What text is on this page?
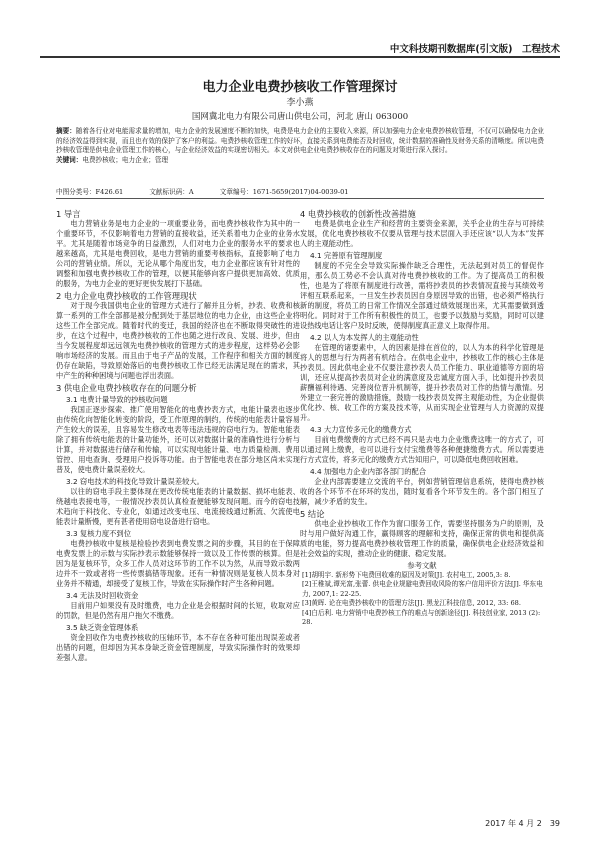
中文科技期刊数据库(引文版)　工程技术
电力企业电费抄核收工作管理探讨
李小燕
国网冀北电力有限公司唐山供电公司，河北 唐山 063000
摘要：随着各行业对电能需求量的增加，电力企业的发展速度不断的加快，电费是电力企业的主要收入来源，所以加强电力企业电费抄核收管理，不仅可以确保电力企业的经济效益得到实现，而且也有效的保护了客户的利益。电费抄核收管理工作的好坏，直接关系到电费能否及时回收，统计数据的准确性及财务关系的清晰度。所以电费抄核收管理是供电企业管理工作的核心，与企业经济效益的实现密切相关。本文对供电企业电费抄核收存在的问题及对策进行深入探讨。
关键词：电费抄核收；电力企业；管理
中图分类号：F426.61	文献标识码：A	文章编号：1671-5659(2017)04-0039-01
1 导言

电力营销业务是电力企业的一项重要业务，而电费抄核收作为其中的一个重要环节，不仅影响着电力营销的直接收益，还关系着电力企业的业务水平。尤其是随着市场竞争的日益激烈，人们对电力企业的服务水平的要求也越来越高，尤其是电费回收，是电力营销的重要考核指标，直接影响了电力公司的营销业绩。所以，无论从哪个角度出发，电力企业都应该有针对性的调整和加强电费抄核收工作的管理，以便其能够向客户提供更加高效、优质的服务，为电力企业的更好更快发展打下基础。

2 电力企业电费抄核收的工作管理现状

对于现今我国供电企业的管理方式进行了解并且分析，抄表、收费和核算一系列的工作全部都是被分配到处于基层地位的电力企业，由这些企业将这些工作全部完成。随着时代的变迁，我国的经济也在不断取得突破性的进步，在这个过程中，电费抄核收的工作也随之进行改良、发展、进步，但由当今发展程度却远远领先电费抄核收的管理方式的进步程度，这样势必会影响市场经济的发展。而且由于电子产品的发展，工作程序和相关方面的制度仍存在缺陷，导致原始落后的电费抄核收工作已经无法满足现在的需求，其中产生的种种困境与问题也浮出表面。

3 供电企业电费抄核收存在的问题分析
3.1 电费计量导致的抄核收问题

我国正逐步探索、推广使用智能化的电费抄表方式，电能计量表也逐步由传统化向智能化转变的阶段，受工作原理的制约，传统的电能表计量容易产生较大的误差，且容易发生修改电表等违法违规的窃电行为。智能电能表除了拥有传统电能表的计量功能外，还可以对数据计量的准确性进行分析与计算，并对数据进行储存和传输，可以实现电能计量、电力质量检测、费用管控、用电查询、受理用户投诉等功能。由于智能电表在部分地区尚未实现普及，使电费计量误差较大。

3.2 窃电技术的科技化导致计量误差较大。

以往的窃电手段主要体现在更改传统电能表的计量数据、损坏电能表、绕越电表接电等，一般情况抄表员认真检查便能够发现问题。而今的窃电技术趋向于科技化、专业化，如通过改变电压、电流接线通过断流、欠流使电能表计量断慢，更有甚者使用窃电设备进行窃电。

3.3 复核力度不到位

电费抄核收中复核是检验抄表到电费发票之间的步骤，其目的在于保障电费发票上的示数与实际抄表示数能够保持一致以及工作传票的核算。但是因为是复核环节，众多工作人员对这环节的工作不以为然，从而导致示数两边并不一致或者将一些传票搞错等现象。还有一种情况则是复核人员本身对业务并不精通，却接受了复核工作，导致在实际操作时产生各种问题。

3.4 无法及时回收资金

目前用户如果没有及时缴费，电力企业是会根据时间的长短，收取对应的罚款，但是仍然有用户拖欠不缴费。

3.5 缺乏资金管理体系

资金回收作为电费抄核收的压轴环节，本不存在各种可能出现误差或者出错的问题，但却因为其本身缺乏资金管理制度，导致实际操作时的效果却差强人意。

4 电费抄核收的创新性改善措施

电费是供电企业生产和经营的主要资金来源，关乎企业的生存与可持续发展，优化电费抄核收不仅要从管理与技术层面入手还应该“以人为本”发挥人的主观能动性。

4.1 完善原有管理制度

制度的不完全会导致实际操作缺乏合理性，无法起到对员工的督促作用，那么员工势必不会认真对待电费抄核收的工作。为了提高员工的积极性，也是为了将原有制度进行改善，需将抄表员的抄表情况直接与其绩效考评相互联系起来，一旦发生抄表员因自身原因导致的出错，也必须严格执行新的制度，将员工的日常工作情况全部通过绩效展现出来，尤其需要做到透明化。同时对于工作所有积极性的员工，也要予以鼓励与奖励，同时可以建设热线电话让客户及时反映，使得制度真正意义上取得作用。

4.2 以人为本发挥人的主观能动性

在管理的诸要素中，人的因素是排在首位的，以人为本的科学化管理是将人的思想与行为两者有机结合。在供电企业中，抄核收工作的核心主体是抄表员。因此供电企业不仅要注意抄表人员工作能力、职业道德等方面的培训，还应从提高抄表员对企业的满意度及忠诚度方面入手，比如提升抄表员薪酬福利待遇、完善岗位晋升机制等，提升抄表员对工作的热情与激情。另外建立一套完善的激励措施，鼓励一线抄表员发挥主观能动性，为企业提供优化抄、核、收工作的方案及技术等，从而实现企业管理与人力资源的双提升。

4.3 大力宣传多元化的缴费方式

目前电费缴费的方式已经不再只是去电力企业缴费这唯一的方式了，可以通过网上缴费，也可以进行支付宝缴费等各种便捷缴费方式。所以需要进行方式宣传，将多元化的缴费方式告知用户，可以降低电费回收困难。

4.4 加强电力企业内部各部门的配合

企业内部需要建立交流的平台，例如营销管理信息系统，使得电费抄核收的各个环节不在环环的发出，随时复看各个环节发生的。各个部门相互了解，减少矛盾的发生。

5 结论

供电企业抄核收工作作为窗口服务工作，需要坚持服务为户的原则，及时与用户做好沟通工作，赢得顾客的理解和支持，确保正常的供电和提供高质的电能，努力提高电费抄核收管理工作的质量，确保供电企业经济效益和社会效益的实现，推动企业的健康、稳定发展。

参考文献
[1]胡明宇. 新形势下电费回收难的原因及对策[J]. 农村电工, 2005,3: 8.
[2]王稚斌,谭光富,张蕾. 供电企业规避电费回收风险的客户信用评价方法[J]. 华东电力, 2007,1: 22-25.
[3]黄晖. 论在电费抄核收中的管理方法[J]. 黑龙江科技信息, 2012, 33: 68.
[4]白后利. 电力营销中电费抄核工作的难点与创新途径[J]. 科技创业家, 2013 (2): 28.
2017 年 4 月 2　39
